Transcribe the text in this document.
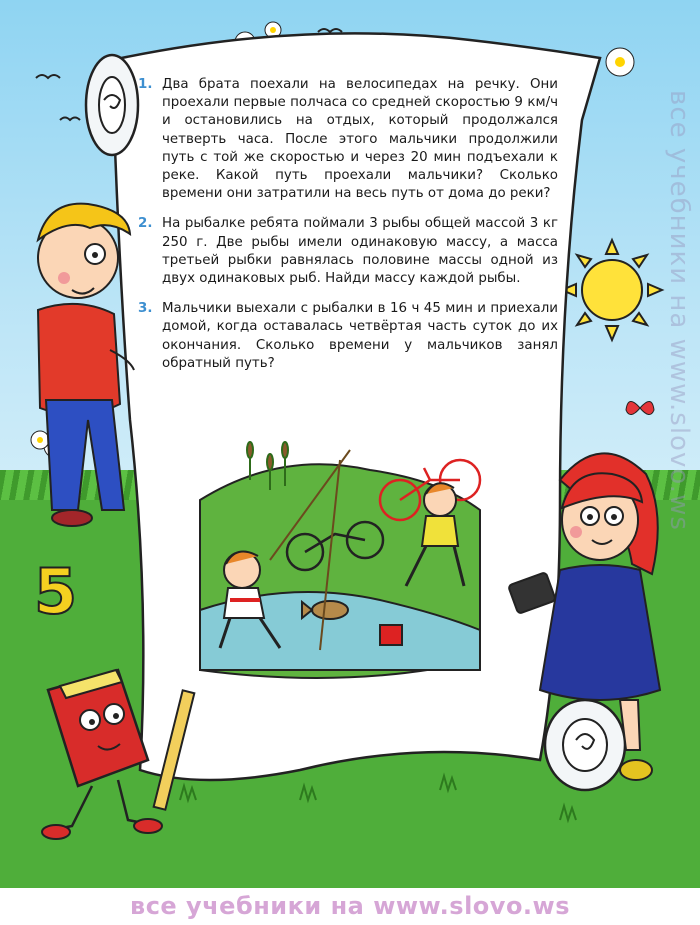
1. Два брата поехали на велосипедах на речку. Они проехали первые полчаса со средней скоростью 9 км/ч и остановились на отдых, который продолжался четверть часа. После этого мальчики продолжили путь с той же скоростью и через 20 мин подъехали к реке. Какой путь проехали мальчики? Сколько времени они затратили на весь путь от дома до реки?
2. На рыбалке ребята поймали 3 рыбы общей массой 3 кг 250 г. Две рыбы имели одинаковую массу, а масса третьей рыбки равнялась половине массы одной из двух одинаковых рыб. Найди массу каждой рыбы.
3. Мальчики выехали с рыбалки в 16 ч 45 мин и приехали домой, когда оставалась четвёртая часть суток до их окончания. Сколько времени у мальчиков занял обратный путь?
5
все учебники на www.slovo.ws
все учебники на www.slovo.ws
